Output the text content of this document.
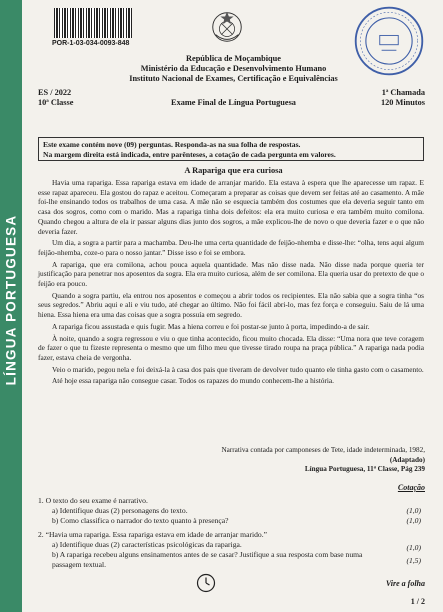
LÍNGUA PORTUGUESA
POR-1-03-034-0093-848
República de Moçambique
Ministério da Educação e Desenvolvimento Humano
Instituto Nacional de Exames, Certificação e Equivalências
ES / 2022
10ª Classe	Exame Final de Língua Portuguesa
1ª Chamada
120 Minutos
Este exame contém nove (09) perguntas. Responda-as na sua folha de respostas.
Na margem direita está indicada, entre parênteses, a cotação de cada pergunta em valores.
A Rapariga que era curiosa

Havia uma rapariga. Essa rapariga estava em idade de arranjar marido. Ela estava à espera que lhe aparecesse um rapaz. E esse rapaz apareceu. Ela gostou do rapaz e aceitou. Começaram a preparar as coisas que devem ser feitas até ao casamento. A mãe foi-lhe ensinando todos os trabalhos de uma casa. A mãe não se esquecia também dos costumes que ela deveria seguir tanto em casa dos sogros, como com o marido. Mas a rapariga tinha dois defeitos: ela era muito curiosa e era também muito comilona. Quando chegou a altura de ela ir passar alguns dias junto dos sogros, a mãe explicou-lhe de novo o que deveria fazer e o que não deveria fazer.

Um dia, a sogra a partir para a machamba. Deu-lhe uma certa quantidade de feijão-nhemba e disse-lhe: “olha, tens aqui algum feijão-nhemba, coze-o para o nosso jantar.” Disse isso e foi se embora.

A rapariga, que era comilona, achou pouca aquela quantidade. Mas não disse nada. Não disse nada porque queria ter justificação para penetrar nos aposentos da sogra. Ela era muito curiosa, além de ser comilona. Ela queria usar do pretexto de que o feijão era pouco.

Quando a sogra partiu, ela entrou nos aposentos e começou a abrir todos os recipientes. Ela não sabia que a sogra tinha “os seus segredos.” Abriu aqui e ali e viu tudo, até chegar ao último. Não foi fácil abri-lo, mas fez força e conseguiu. Saiu de lá uma hiena. Essa hiena era uma das coisas que a sogra possuía em segredo.

A rapariga ficou assustada e quis fugir. Mas a hiena correu e foi postar-se junto à porta, impedindo-a de sair.

À noite, quando a sogra regressou e viu o que tinha acontecido, ficou muito chocada. Ela disse: “Uma nora que teve coragem de fazer o que tu fizeste representa o mesmo que um filho meu que tivesse tirado roupa na praça pública.” A rapariga nada podia fazer, estava cheia de vergonha.

Veio o marido, pegou nela e foi deixá-la à casa dos pais que tiveram de devolver tudo quanto ele tinha gasto com o casamento.

Até hoje essa rapariga não consegue casar. Todos os rapazes do mundo conhecem-lhe a história.

Narrativa contada por camponeses de Tete, idade indeterminada, 1982,
(Adaptado)
Língua Portuguesa, 11ª Classe, Pág 239
Cotação
1. O texto do seu exame é narrativo.
a) Identifique duas (2) personagens do texto.	(1,0)
b) Como classifica o narrador do texto quanto à presença?	(1,0)
2. “Havia uma rapariga. Essa rapariga estava em idade de arranjar marido.”
a) Identifique duas (2) características psicológicas da rapariga.	(1,0)
b) A rapariga recebeu alguns ensinamentos antes de se casar? Justifique a sua resposta com base numa passagem textual.	(1,5)
Vire a folha
1 / 2
